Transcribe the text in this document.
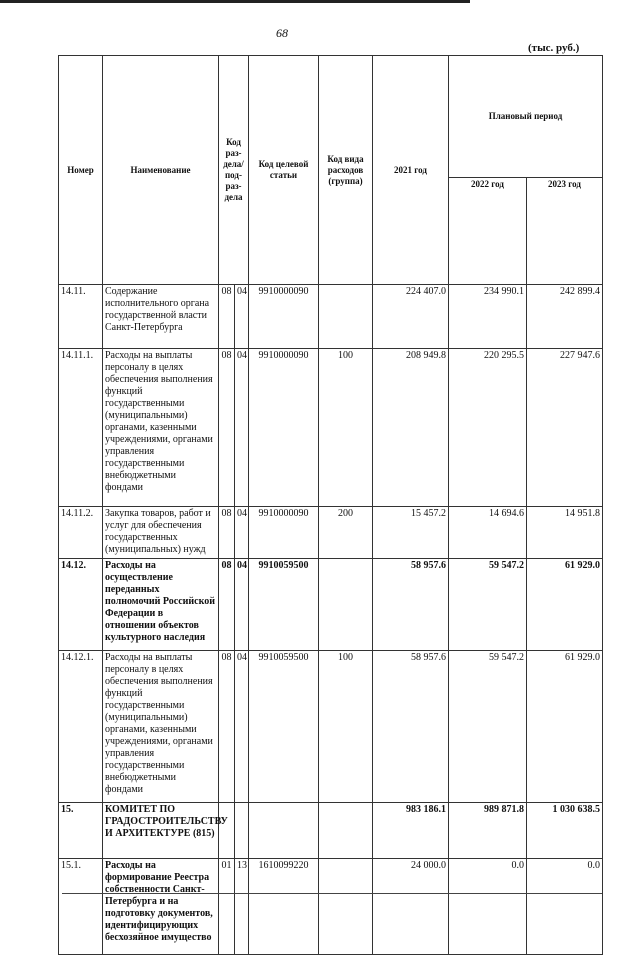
68
(тыс. руб.)
Номер	Наименование	Код раз-дела/ под-раз-дела		Код целевой статьи	Код вида расходов (группа)	2021 год	Плановый период	
							2022 год	2023 год
14.11.	Содержание исполнительного органа государственной власти Санкт-Петербурга	08	04	9910000090		224 407.0	234 990.1	242 899.4
14.11.1.	Расходы на выплаты персоналу в целях обеспечения выполнения функций государственными (муниципальными) органами, казенными учреждениями, органами управления государственными внебюджетными фондами	08	04	9910000090	100	208 949.8	220 295.5	227 947.6
14.11.2.	Закупка товаров, работ и услуг для обеспечения государственных (муниципальных) нужд	08	04	9910000090	200	15 457.2	14 694.6	14 951.8
14.12.	Расходы на осуществление переданных полномочий Российской Федерации в отношении объектов культурного наследия	08	04	9910059500		58 957.6	59 547.2	61 929.0
14.12.1.	Расходы на выплаты персоналу в целях обеспечения выполнения функций государственными (муниципальными) органами, казенными учреждениями, органами управления государственными внебюджетными фондами	08	04	9910059500	100	58 957.6	59 547.2	61 929.0
15.	КОМИТЕТ ПО ГРАДОСТРОИТЕЛЬСТВУ И АРХИТЕКТУРЕ (815)					983 186.1	989 871.8	1 030 638.5
15.1.	Расходы на формирование Реестра собственности Санкт-Петербурга и на подготовку документов, идентифицирующих бесхозяйное имущество	01	13	1610099220		24 000.0	0.0	0.0
